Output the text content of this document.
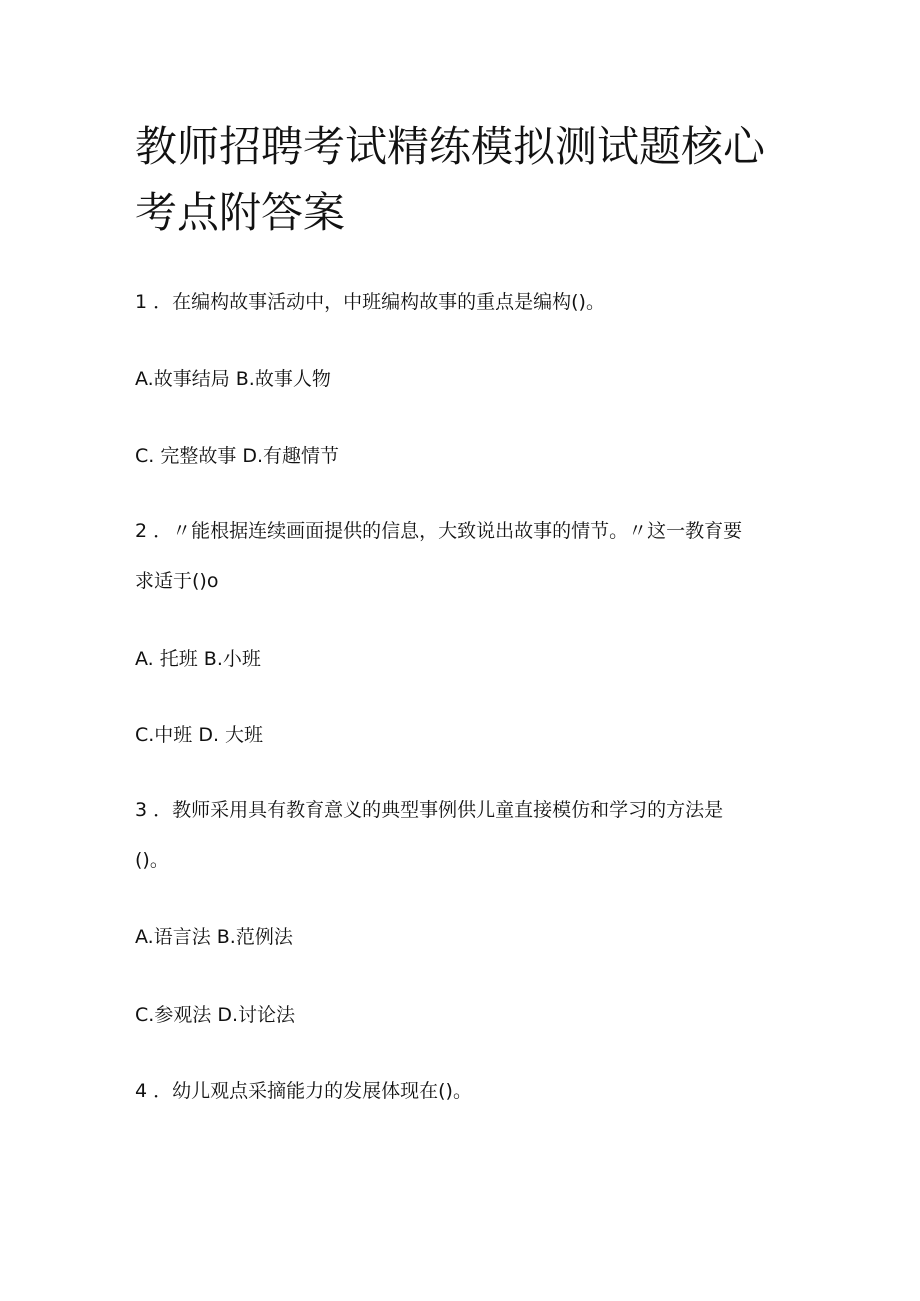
教师招聘考试精练模拟测试题核心
考点附答案

1 ．在编构故事活动中，中班编构故事的重点是编构()。

A.故事结局 B.故事人物

C. 完整故事 D.有趣情节

2 ．〃能根据连续画面提供的信息，大致说出故事的情节。〃这一教育要

求适于()o

A. 托班 B.小班

C.中班 D. 大班

3 ．教师采用具有教育意义的典型事例供儿童直接模仿和学习的方法是

()。

A.语言法 B.范例法

C.参观法 D.讨论法

4 ．幼儿观点采摘能力的发展体现在()。
